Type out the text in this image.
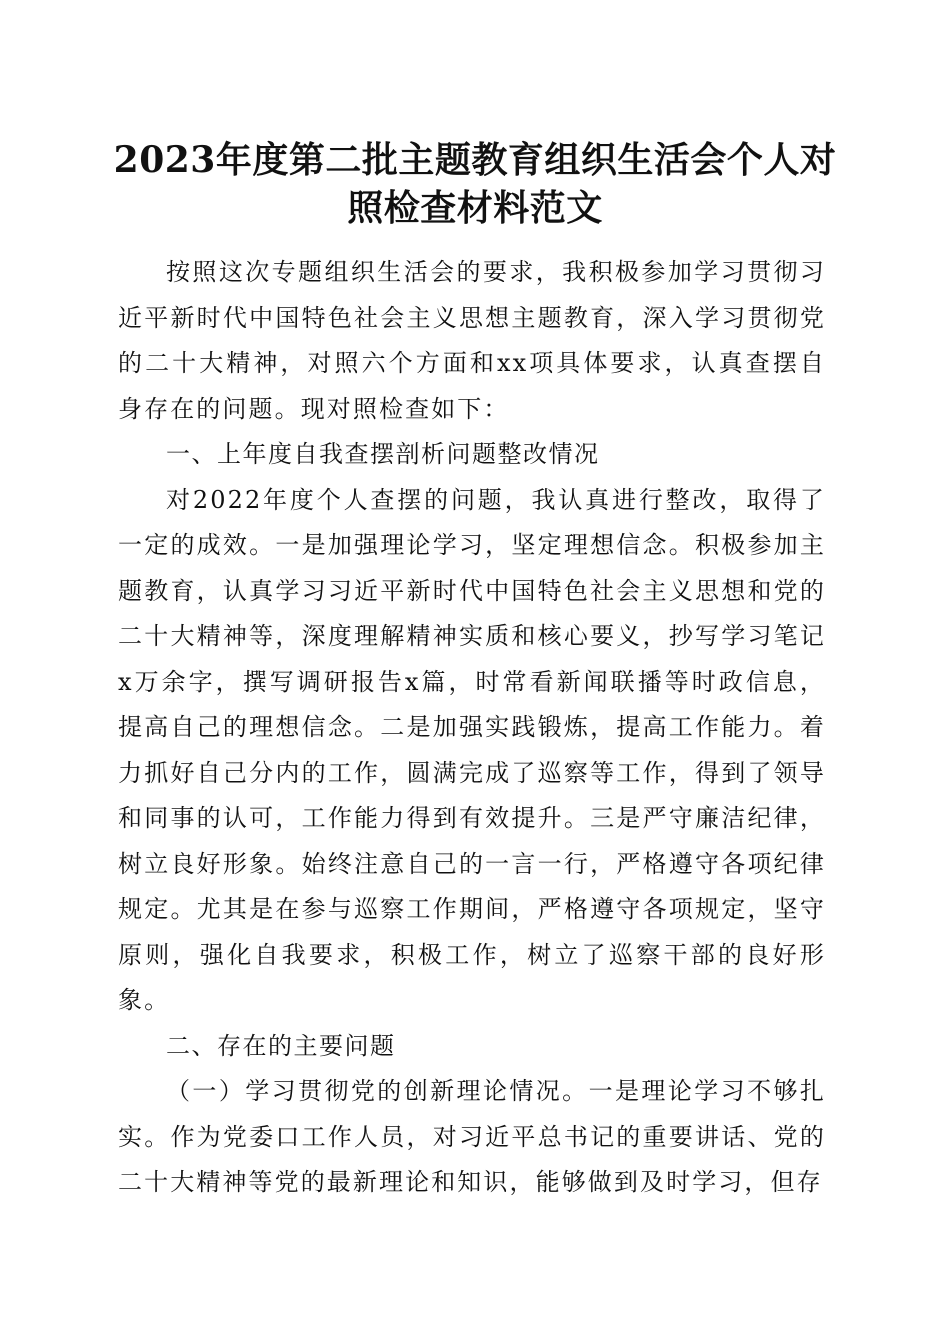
2023年度第二批主题教育组织生活会个人对
照检查材料范文

按照这次专题组织生活会的要求，我积极参加学习贯彻习近平新时代中国特色社会主义思想主题教育，深入学习贯彻党的二十大精神，对照六个方面和xx项具体要求，认真查摆自身存在的问题。现对照检查如下：

一、上年度自我查摆剖析问题整改情况

对2022年度个人查摆的问题，我认真进行整改，取得了一定的成效。一是加强理论学习，坚定理想信念。积极参加主题教育，认真学习习近平新时代中国特色社会主义思想和党的二十大精神等，深度理解精神实质和核心要义，抄写学习笔记x万余字，撰写调研报告x篇，时常看新闻联播等时政信息，提高自己的理想信念。二是加强实践锻炼，提高工作能力。着力抓好自己分内的工作，圆满完成了巡察等工作，得到了领导和同事的认可，工作能力得到有效提升。三是严守廉洁纪律，树立良好形象。始终注意自己的一言一行，严格遵守各项纪律规定。尤其是在参与巡察工作期间，严格遵守各项规定，坚守原则，强化自我要求，积极工作，树立了巡察干部的良好形象。

二、存在的主要问题

（一）学习贯彻党的创新理论情况。一是理论学习不够扎实。作为党委口工作人员，对习近平总书记的重要讲话、党的二十大精神等党的最新理论和知识，能够做到及时学习，但存
